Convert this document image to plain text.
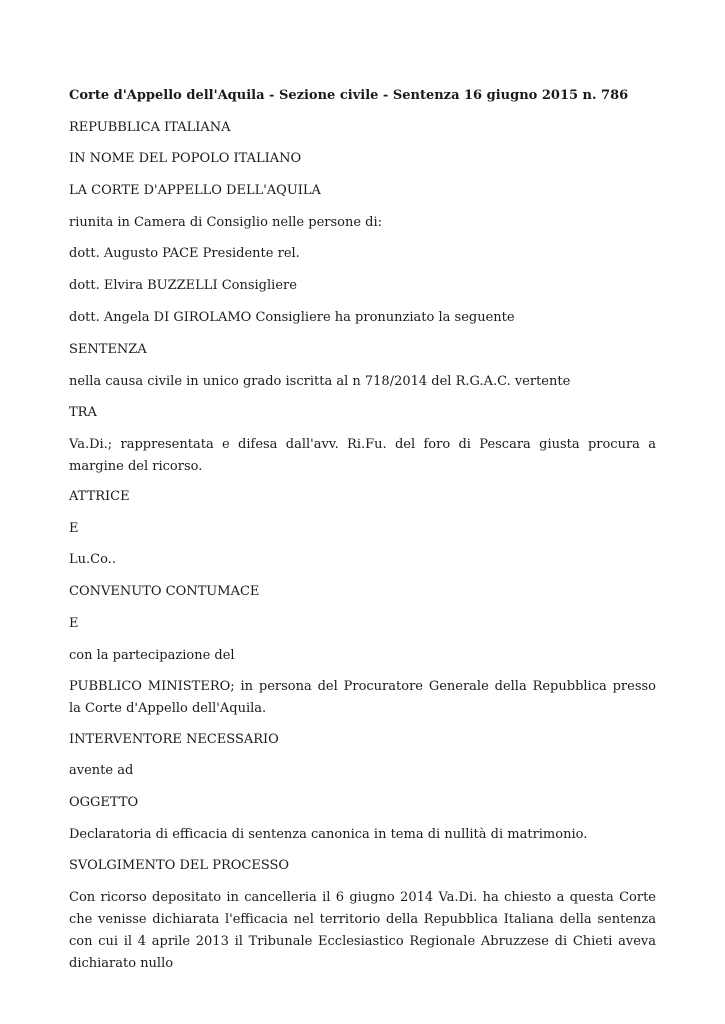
Corte d'Appello dell'Aquila - Sezione civile - Sentenza 16 giugno 2015 n. 786

REPUBBLICA ITALIANA

IN NOME DEL POPOLO ITALIANO

LA CORTE D'APPELLO DELL'AQUILA

riunita in Camera di Consiglio nelle persone di:

dott. Augusto PACE Presidente rel.

dott. Elvira BUZZELLI Consigliere

dott. Angela DI GIROLAMO Consigliere ha pronunziato la seguente

SENTENZA

nella causa civile in unico grado iscritta al n 718/2014 del R.G.A.C. vertente

TRA

Va.Di.; rappresentata e difesa dall'avv. Ri.Fu. del foro di Pescara giusta procura a margine del ricorso.

ATTRICE

E

Lu.Co..

CONVENUTO CONTUMACE

E

con la partecipazione del

PUBBLICO MINISTERO; in persona del Procuratore Generale della Repubblica presso la Corte d'Appello dell'Aquila.

INTERVENTORE NECESSARIO

avente ad

OGGETTO

Declaratoria di efficacia di sentenza canonica in tema di nullità di matrimonio.

SVOLGIMENTO DEL PROCESSO

Con ricorso depositato in cancelleria il 6 giugno 2014 Va.Di. ha chiesto a questa Corte che venisse dichiarata l'efficacia nel territorio della Repubblica Italiana della sentenza con cui il 4 aprile 2013 il Tribunale Ecclesiastico Regionale Abruzzese di Chieti aveva dichiarato nullo
